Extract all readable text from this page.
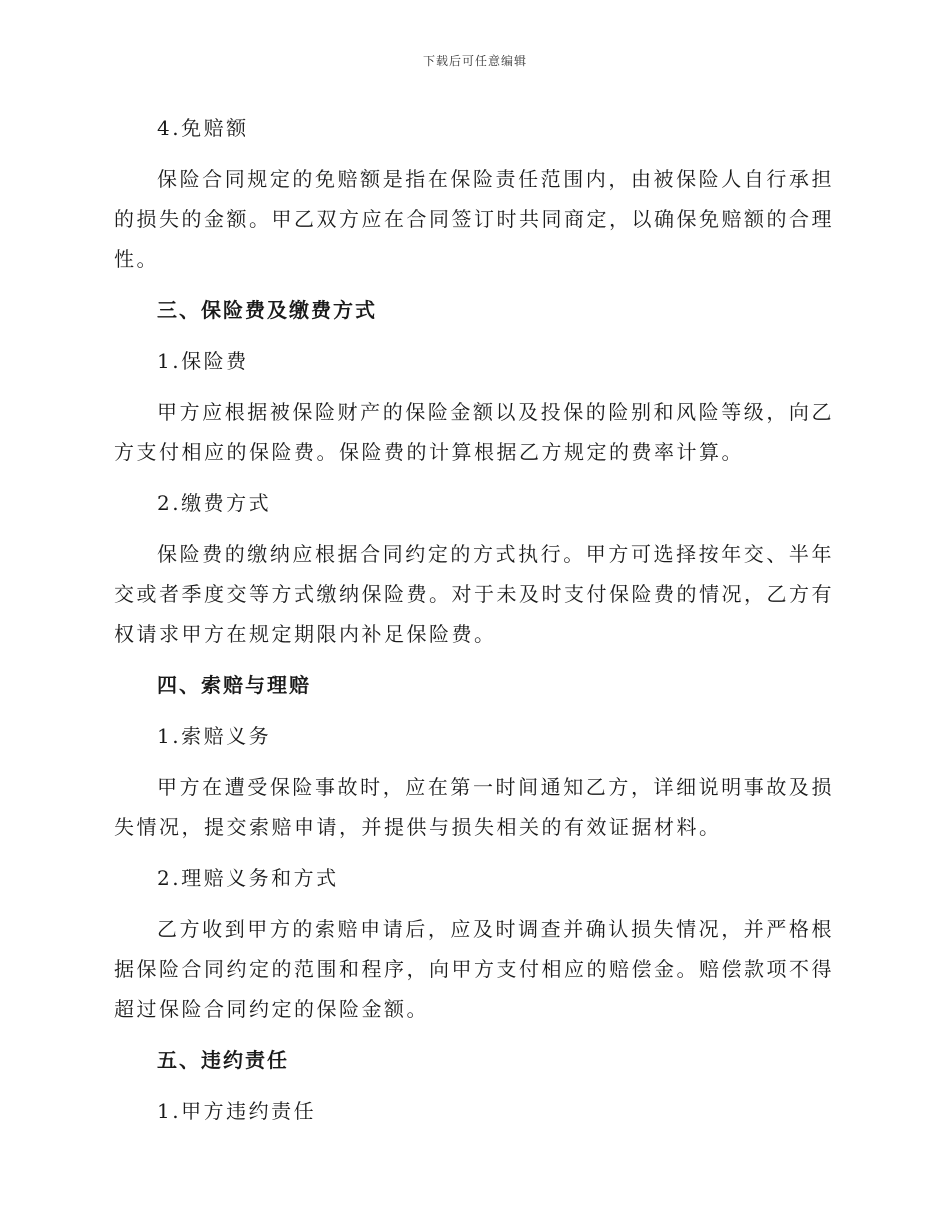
下载后可任意编辑

4.免赔额

保险合同规定的免赔额是指在保险责任范围内，由被保险人自行承担的损失的金额。甲乙双方应在合同签订时共同商定，以确保免赔额的合理性。

三、保险费及缴费方式

1.保险费

甲方应根据被保险财产的保险金额以及投保的险别和风险等级，向乙方支付相应的保险费。保险费的计算根据乙方规定的费率计算。

2.缴费方式

保险费的缴纳应根据合同约定的方式执行。甲方可选择按年交、半年交或者季度交等方式缴纳保险费。对于未及时支付保险费的情况，乙方有权请求甲方在规定期限内补足保险费。

四、索赔与理赔

1.索赔义务

甲方在遭受保险事故时，应在第一时间通知乙方，详细说明事故及损失情况，提交索赔申请，并提供与损失相关的有效证据材料。

2.理赔义务和方式

乙方收到甲方的索赔申请后，应及时调查并确认损失情况，并严格根据保险合同约定的范围和程序，向甲方支付相应的赔偿金。赔偿款项不得超过保险合同约定的保险金额。

五、违约责任

1.甲方违约责任
